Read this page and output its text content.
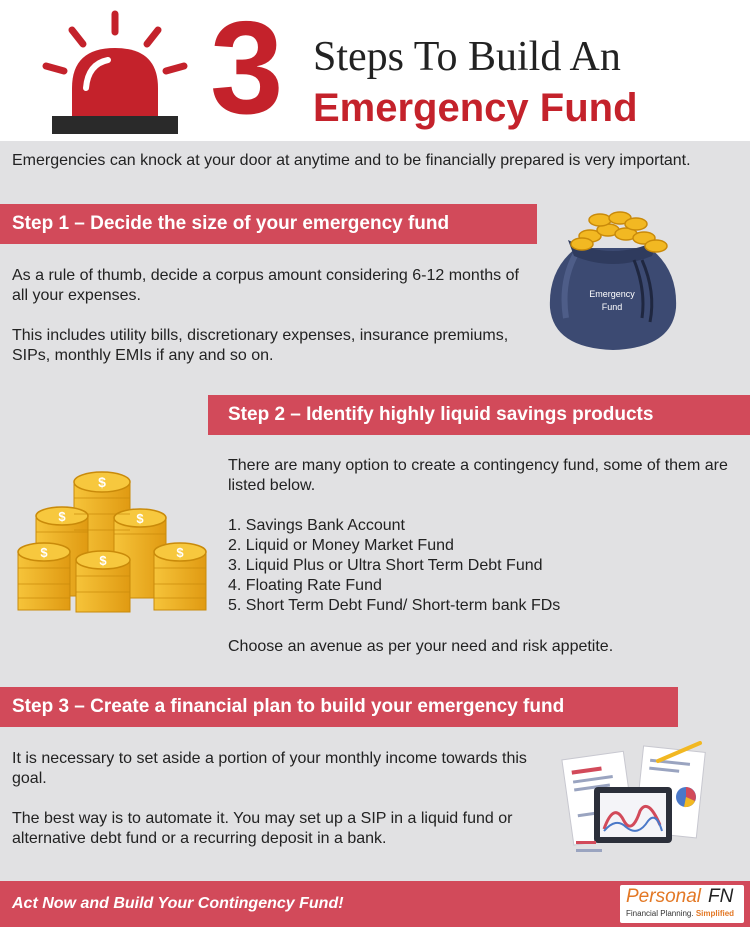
3 Steps To Build An
Emergency Fund
Emergencies can knock at your door at anytime and to be financially prepared is very important.
Step 1 – Decide the size of your emergency fund
As a rule of thumb, decide a corpus amount considering 6-12 months of all your expenses.
This includes utility bills, discretionary expenses, insurance premiums, SIPs, monthly EMIs if any and so on.
Emergency
Fund
Step 2 – Identify highly liquid savings products
There are many option to create a contingency fund, some of them are listed below.
1. Savings Bank Account
2. Liquid or Money Market Fund
3. Liquid Plus or Ultra Short Term Debt Fund
4. Floating Rate Fund
5. Short Term Debt Fund/ Short-term bank FDs
Choose an avenue as per your need and risk appetite.
$
$	$
$
$
$
Step 3 – Create a financial plan to build your emergency fund
It is necessary to set aside a portion of your monthly income towards this goal.
The best way is to automate it. You may set up a SIP in a liquid fund or alternative debt fund or a recurring deposit in a bank.
Act Now and Build Your Contingency Fund!	Personal FN
Financial Planning. Simplified
